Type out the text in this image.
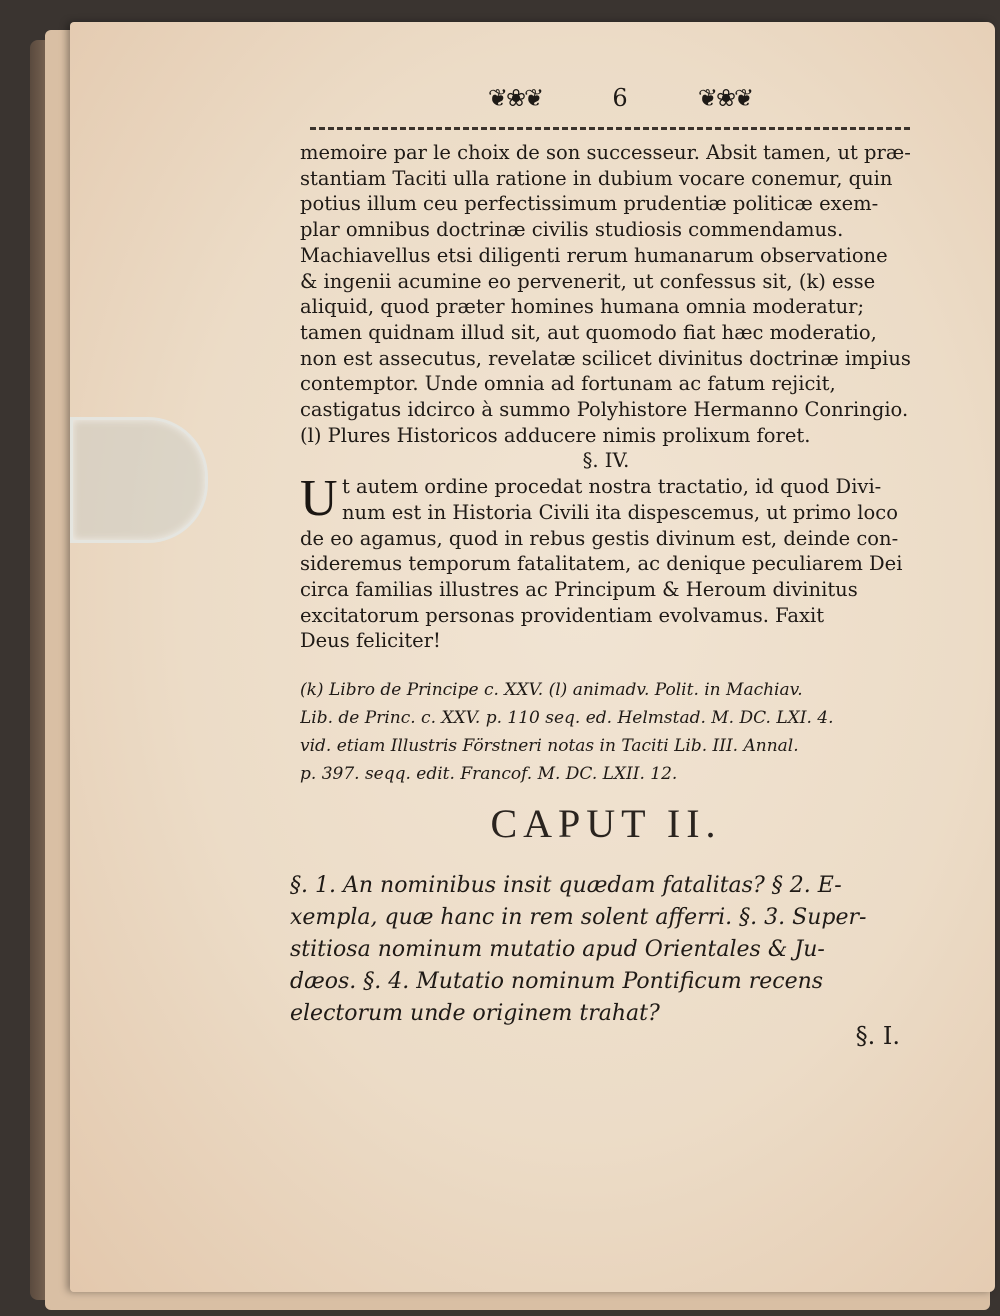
❦❀❦	6	❦❀❦
memoire par le choix de son successeur. Absit tamen, ut præ-
stantiam Taciti ulla ratione in dubium vocare conemur, quin
potius illum ceu perfectissimum prudentiæ politicæ exem-
plar omnibus doctrinæ civilis studiosis commendamus.
Machiavellus etsi diligenti rerum humanarum observatione
& ingenii acumine eo pervenerit, ut confessus sit, (k) esse
aliquid, quod præter homines humana omnia moderatur;
tamen quidnam illud sit, aut quomodo fiat hæc moderatio,
non est assecutus, revelatæ scilicet divinitus doctrinæ impius
contemptor. Unde omnia ad fortunam ac fatum rejicit,
castigatus idcirco à summo Polyhistore Hermanno Conringio.
(l) Plures Historicos adducere nimis prolixum foret.
§. IV.
U t autem ordine procedat nostra tractatio, id quod Divi-
num est in Historia Civili ita dispescemus, ut primo loco
de eo agamus, quod in rebus gestis divinum est, deinde con-
sideremus temporum fatalitatem, ac denique peculiarem Dei
circa familias illustres ac Principum & Heroum divinitus
excitatorum personas providentiam evolvamus. Faxit
Deus feliciter!
(k) Libro de Principe c. XXV. (l) animadv. Polit. in Machiav.
Lib. de Princ. c. XXV. p. 110 seq. ed. Helmstad. M. DC. LXI. 4.
vid. etiam Illustris Förstneri notas in Taciti Lib. III. Annal.
p. 397. seqq. edit. Francof. M. DC. LXII. 12.
CAPUT II.
§. 1. An nominibus insit quædam fatalitas? § 2. E-
xempla, quæ hanc in rem solent afferri. §. 3. Super-
stitiosa nominum mutatio apud Orientales & Ju-
dæos. §. 4. Mutatio nominum Pontificum recens
electorum unde originem trahat?
§. I.
